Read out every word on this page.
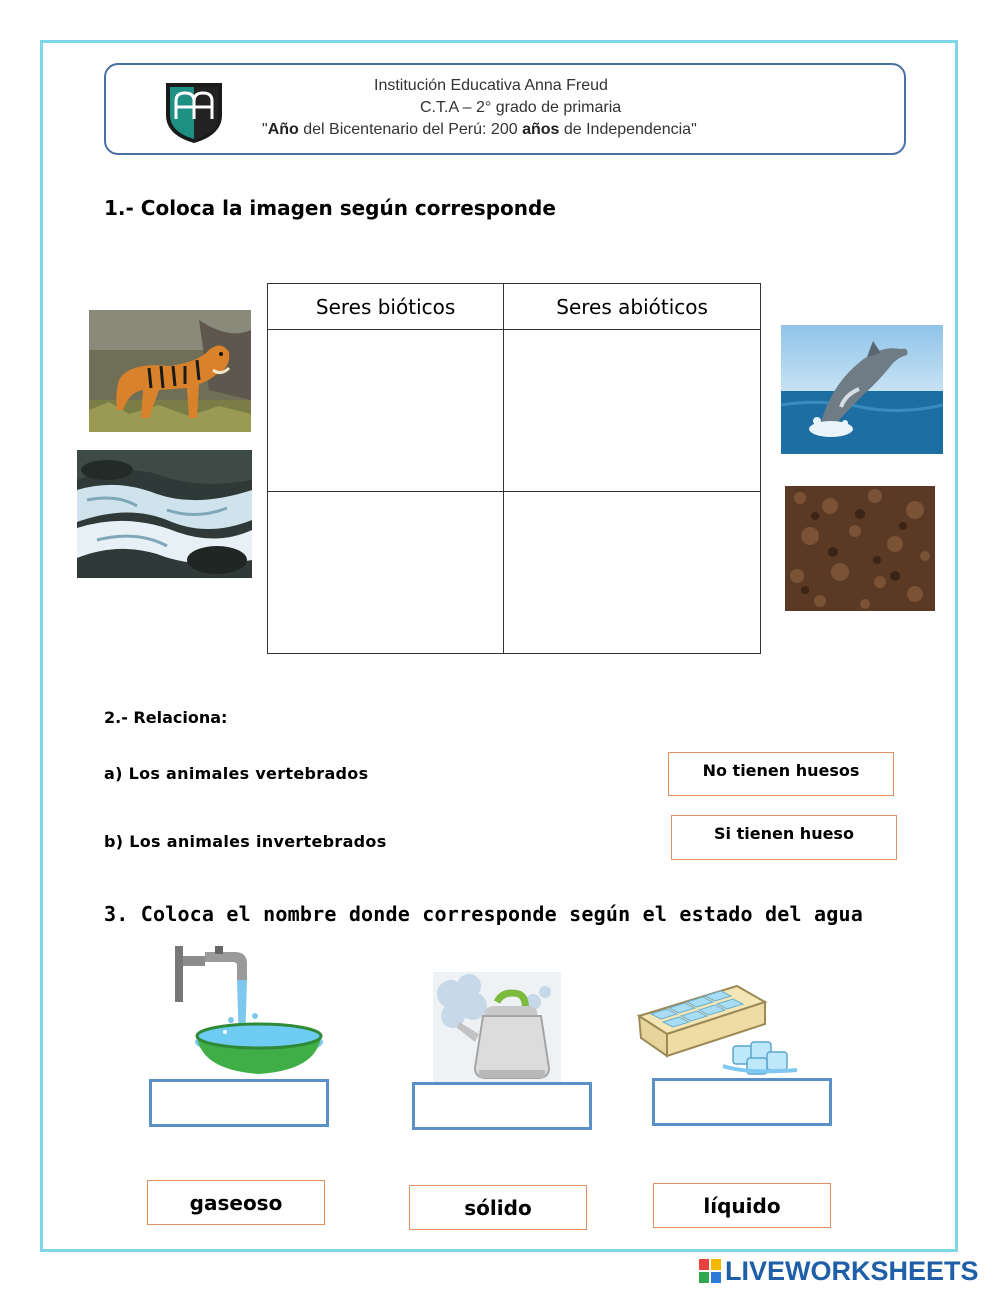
Institución Educativa Anna Freud
C.T.A – 2° grado de primaria
"Año del Bicentenario del Perú: 200 años de Independencia"
1.- Coloca la imagen según corresponde
Seres bióticos	Seres abióticos

2.- Relaciona:
a) Los animales vertebrados
b) Los animales invertebrados
No tienen huesos
Si tienen hueso
3. Coloca el nombre donde corresponde según el estado del agua
gaseoso	sólido	líquido
LIVEWORKSHEETS
